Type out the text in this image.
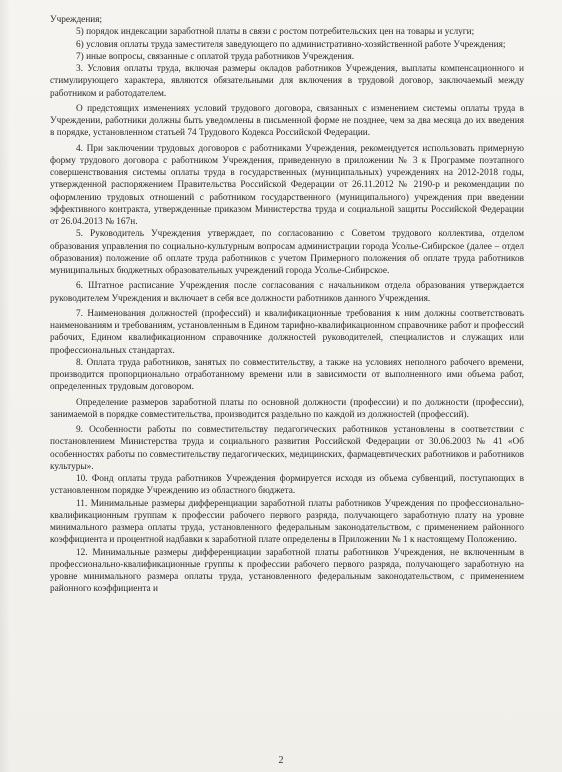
Учреждения;

5) порядок индексации заработной платы в связи с ростом потребительских цен на товары и услуги;

6) условия оплаты труда заместителя заведующего по административно-хозяйственной работе Учреждения;

7) иные вопросы, связанные с оплатой труда работников Учреждения.

3. Условия оплаты труда, включая размеры окладов работников Учреждения, выплаты компенсационного и стимулирующего характера, являются обязательными для включения в трудовой договор, заключаемый между работником и работодателем.

О предстоящих изменениях условий трудового договора, связанных с изменением системы оплаты труда в Учреждении, работники должны быть уведомлены в письменной форме не позднее, чем за два месяца до их введения в порядке, установленном статьей 74 Трудового Кодекса Российской Федерации.

4. При заключении трудовых договоров с работниками Учреждения, рекомендуется использовать примерную форму трудового договора с работником Учреждения, приведенную в приложении № 3 к Программе поэтапного совершенствования системы оплаты труда в государственных (муниципальных) учреждениях на 2012-2018 годы, утвержденной распоряжением Правительства Российской Федерации от 26.11.2012 № 2190-р и рекомендации по оформлению трудовых отношений с работником государственного (муниципального) учреждения при введении эффективного контракта, утвержденные приказом Министерства труда и социальной защиты Российской Федерации от 26.04.2013 № 167н.

5. Руководитель Учреждения утверждает, по согласованию с Советом трудового коллектива, отделом образования управления по социально-культурным вопросам администрации города Усолье-Сибирское (далее – отдел образования) положение об оплате труда работников с учетом Примерного положения об оплате труда работников муниципальных бюджетных образовательных учреждений города Усолье-Сибирское.

6. Штатное расписание Учреждения после согласования с начальником отдела образования утверждается руководителем Учреждения и включает в себя все должности работников данного Учреждения.

7. Наименования должностей (профессий) и квалификационные требования к ним должны соответствовать наименованиям и требованиям, установленным в Едином тарифно-квалификационном справочнике работ и профессий рабочих, Едином квалификационном справочнике должностей руководителей, специалистов и служащих или профессиональных стандартах.

8. Оплата труда работников, занятых по совместительству, а также на условиях неполного рабочего времени, производится пропорционально отработанному времени или в зависимости от выполненного ими объема работ, определенных трудовым договором.

Определение размеров заработной платы по основной должности (профессии) и по должности (профессии), занимаемой в порядке совместительства, производится раздельно по каждой из должностей (профессий).

9. Особенности работы по совместительству педагогических работников установлены в соответствии с постановлением Министерства труда и социального развития Российской Федерации от 30.06.2003 № 41 «Об особенностях работы по совместительству педагогических, медицинских, фармацевтических работников и работников культуры».

10. Фонд оплаты труда работников Учреждения формируется исходя из объема субвенций, поступающих в установленном порядке Учреждению из областного бюджета.

11. Минимальные размеры дифференциации заработной платы работников Учреждения по профессионально-квалификационным группам к профессии рабочего первого разряда, получающего заработную плату на уровне минимального размера оплаты труда, установленного федеральным законодательством, с применением районного коэффициента и процентной надбавки к заработной плате определены в Приложении № 1 к настоящему Положению.

12. Минимальные размеры дифференциации заработной платы работников Учреждения, не включенным в профессионально-квалификационные группы к профессии рабочего первого разряда, получающего заработную на уровне минимального размера оплаты труда, установленного федеральным законодательством, с применением районного коэффициента и

2
